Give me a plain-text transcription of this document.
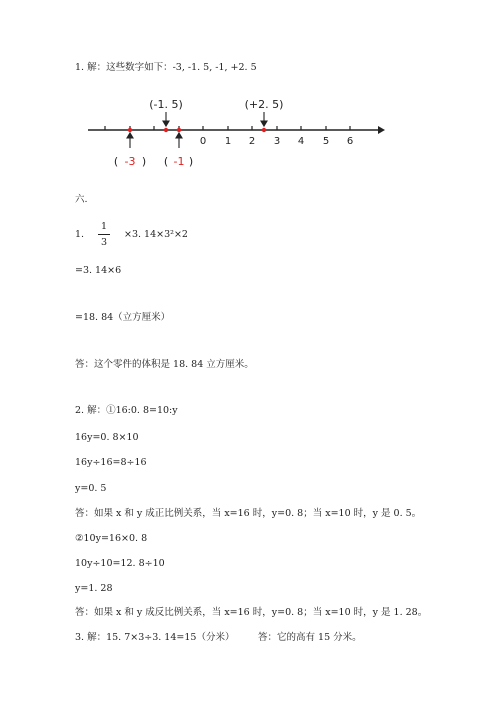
1. 解：这些数字如下：-3, -1. 5, -1, +2. 5
0 1 2 3 4 5 6
(-1. 5)	(+2. 5)
( -3 ) ( -1 )
六.
1.
1
3
×3. 14×3²×2
=3. 14×6
=18. 84（立方厘米）
答：这个零件的体积是 18. 84 立方厘米。
2. 解：①16:0. 8=10:y
16y=0. 8×10
16y÷16=8÷16
y=0. 5
答：如果 x 和 y 成正比例关系，当 x=16 时，y=0. 8；当 x=10 时，y 是 0. 5。
②10y=16×0. 8
10y÷10=12. 8÷10
y=1. 28
答：如果 x 和 y 成反比例关系，当 x=16 时，y=0. 8；当 x=10 时，y 是 1. 28。
3. 解：15. 7×3÷3. 14=15（分米） 答：它的高有 15 分米。
